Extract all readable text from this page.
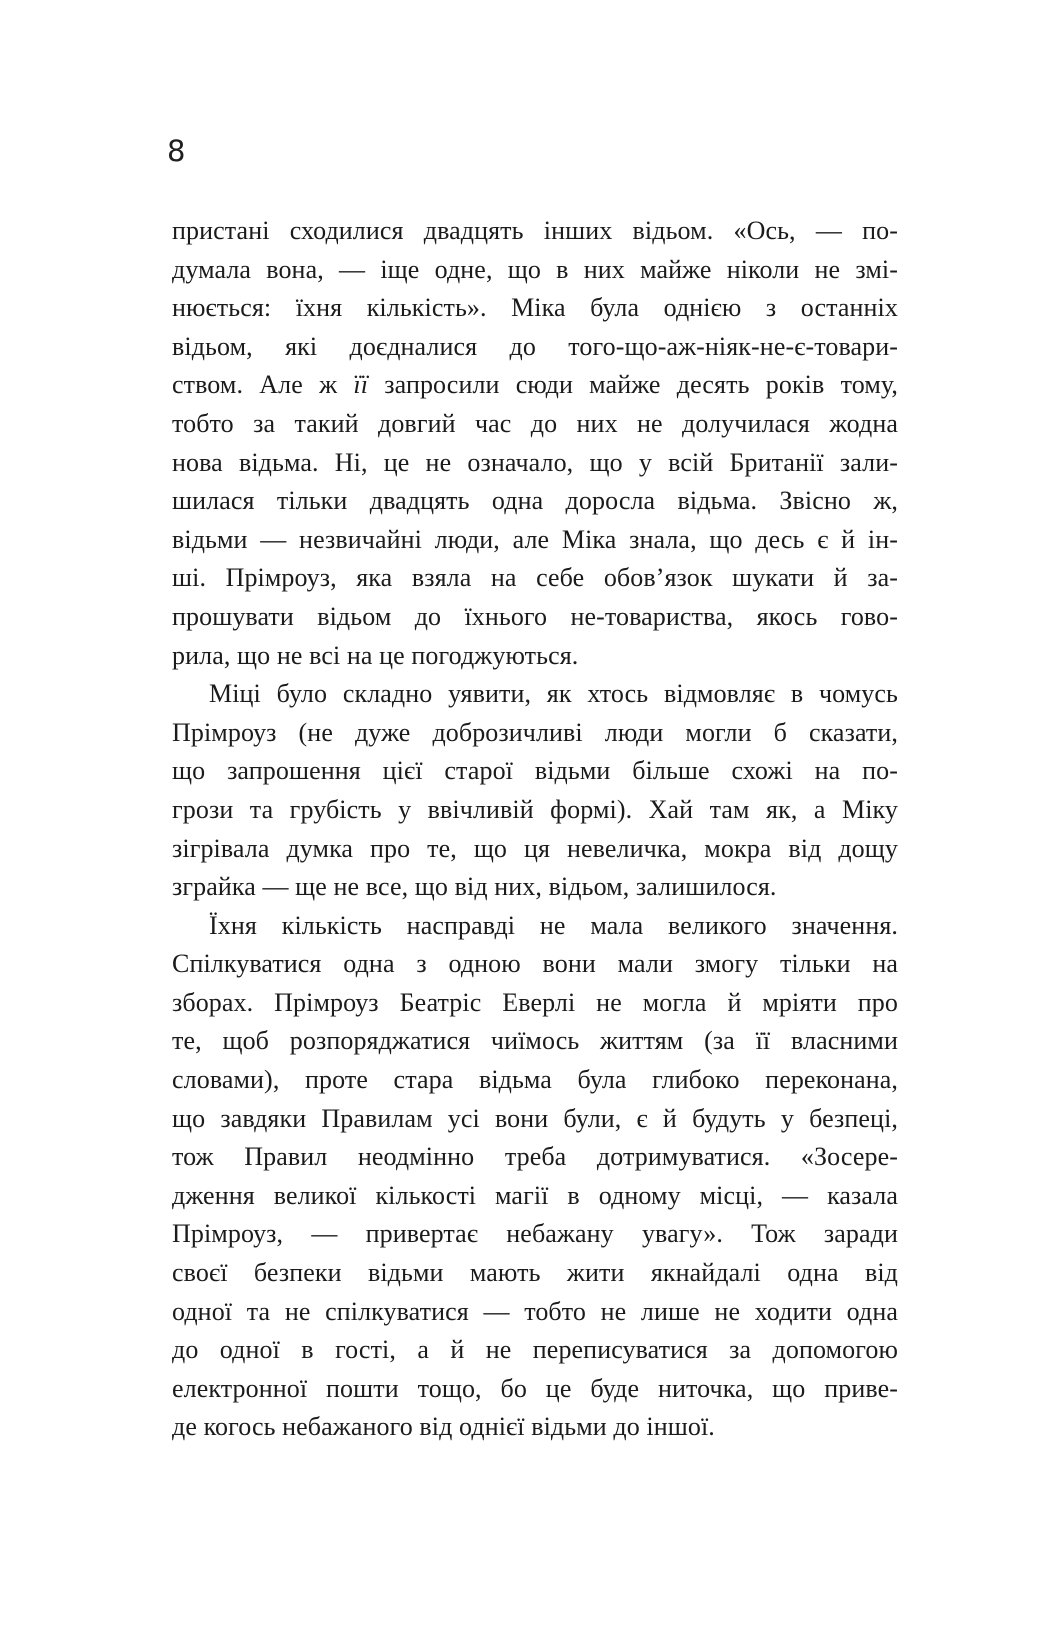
8
пристані сходилися двадцять інших відьом. «Ось, — по-
думала вона, — іще одне, що в них майже ніколи не змі-
нюється: їхня кількість». Міка була однією з останніх
відьом, які доєдналися до того-що-аж-ніяк-не-є-товари-
ством. Але ж її запросили сюди майже десять років тому,
тобто за такий довгий час до них не долучилася жодна
нова відьма. Ні, це не означало, що у всій Британії зали-
шилася тільки двадцять одна доросла відьма. Звісно ж,
відьми — незвичайні люди, але Міка знала, що десь є й ін-
ші. Прімроуз, яка взяла на себе обов’язок шукати й за-
прошувати відьом до їхнього не-товариства, якось гово-
рила, що не всі на це погоджуються.
Міці було складно уявити, як хтось відмовляє в чомусь
Прімроуз (не дуже доброзичливі люди могли б сказати,
що запрошення цієї старої відьми більше схожі на по-
грози та грубість у ввічливій формі). Хай там як, а Міку
зігрівала думка про те, що ця невеличка, мокра від дощу
зграйка — ще не все, що від них, відьом, залишилося.
Їхня кількість насправді не мала великого значення.
Спілкуватися одна з одною вони мали змогу тільки на
зборах. Прімроуз Беатріс Еверлі не могла й мріяти про
те, щоб розпоряджатися чиїмось життям (за її власними
словами), проте стара відьма була глибоко переконана,
що завдяки Правилам усі вони були, є й будуть у безпеці,
тож Правил неодмінно треба дотримуватися. «Зосере-
дження великої кількості магії в одному місці, — казала
Прімроуз, — привертає небажану увагу». Тож заради
своєї безпеки відьми мають жити якнайдалі одна від
одної та не спілкуватися — тобто не лише не ходити одна
до одної в гості, а й не переписуватися за допомогою
електронної пошти тощо, бо це буде ниточка, що приве-
де когось небажаного від однієї відьми до іншої.
